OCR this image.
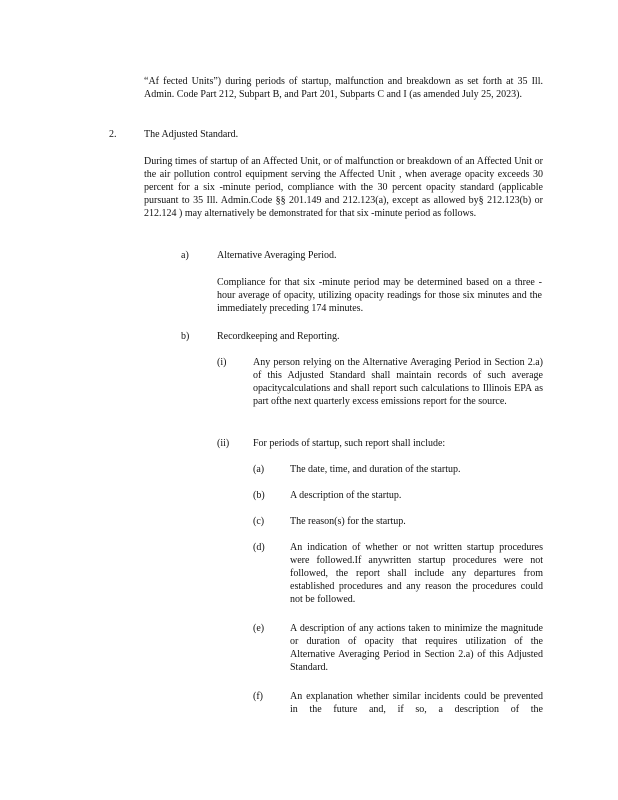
“Af fected Units”) during periods of startup, malfunction and breakdown as set forth at 35 Ill. Admin. Code Part 212, Subpart B, and Part 201, Subparts C and I (as amended July 25, 2023).

2.	The Adjusted Standard.

During times of startup of an Affected Unit, or of malfunction or breakdown of an Affected Unit or the air pollution control equipment serving the Affected Unit , when average opacity exceeds 30 percent for a six -minute period, compliance with the 30 percent opacity standard (applicable pursuant to 35 Ill. Admin.Code §§ 201.149 and 212.123(a), except as allowed by§ 212.123(b) or 212.124 ) may alternatively be demonstrated for that six -minute period as follows.

a)	Alternative Averaging Period.

Compliance for that six -minute period may be determined based on a three -hour average of opacity, utilizing opacity readings for those six minutes and the immediately preceding 174 minutes.

b)	Recordkeeping and Reporting.
(i)	Any person relying on the Alternative Averaging Period in Section 2.a) of this Adjusted Standard shall maintain records of such average opacitycalculations and shall report such calculations to Illinois EPA as part ofthe next quarterly excess emissions report for the source.

(ii) For periods of startup, such report shall include:
(a)	The date, time, and duration of the startup.

(b)	A description of the startup.

(c)	The reason(s) for the startup.

(d)	An indication of whether or not written startup procedures were followed.If anywritten startup procedures were not followed, the report shall include any departures from established procedures and any reason the procedures could not be followed.

(e)	A description of any actions taken to minimize the magnitude or duration of opacity that requires utilization of the Alternative Averaging Period in Section 2.a) of this Adjusted Standard.

(f)	An explanation whether similar incidents could be prevented in the future and, if so, a description of the
